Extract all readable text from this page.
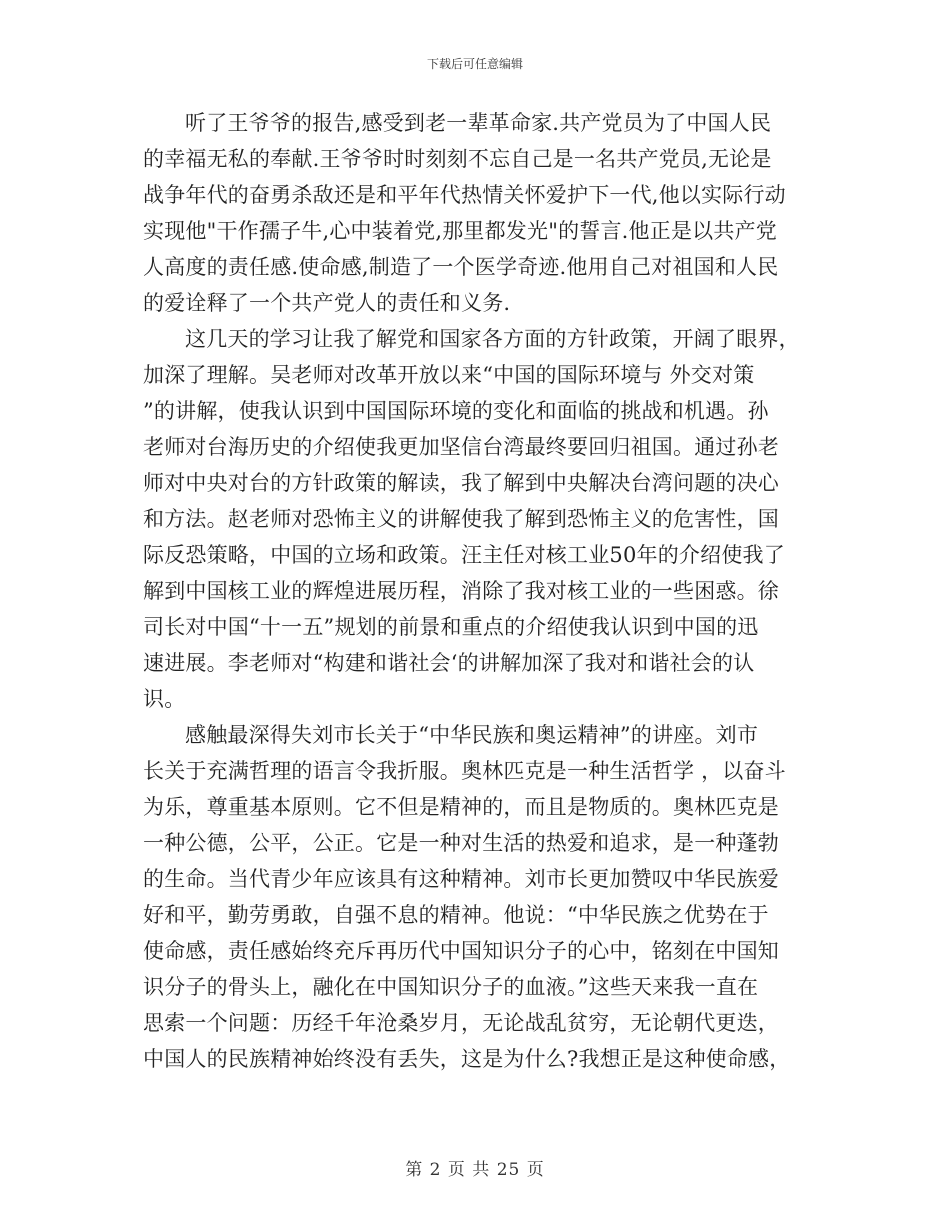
下载后可任意编辑
听了王爷爷的报告,感受到老一辈革命家.共产党员为了中国人民
的幸福无私的奉献.王爷爷时时刻刻不忘自己是一名共产党员,无论是
战争年代的奋勇杀敌还是和平年代热情关怀爱护下一代,他以实际行动
实现他"干作孺子牛,心中装着党,那里都发光"的誓言.他正是以共产党
人高度的责任感.使命感,制造了一个医学奇迹.他用自己对祖国和人民
的爱诠释了一个共产党人的责任和义务.
这几天的学习让我了解党和国家各方面的方针政策，开阔了眼界，
加深了理解。吴老师对改革开放以来“中国的国际环境与 外交对策
”的讲解，使我认识到中国国际环境的变化和面临的挑战和机遇。孙
老师对台海历史的介绍使我更加坚信台湾最终要回归祖国。通过孙老
师对中央对台的方针政策的解读，我了解到中央解决台湾问题的决心
和方法。赵老师对恐怖主义的讲解使我了解到恐怖主义的危害性，国
际反恐策略，中国的立场和政策。汪主任对核工业50年的介绍使我了
解到中国核工业的辉煌进展历程，消除了我对核工业的一些困惑。徐
司长对中国“十一五”规划的前景和重点的介绍使我认识到中国的迅
速进展。李老师对“构建和谐社会‘的讲解加深了我对和谐社会的认
识。
感触最深得失刘市长关于“中华民族和奥运精神”的讲座。刘市
长关于充满哲理的语言令我折服。奥林匹克是一种生活哲学 ，以奋斗
为乐，尊重基本原则。它不但是精神的，而且是物质的。奥林匹克是
一种公德，公平，公正。它是一种对生活的热爱和追求，是一种蓬勃
的生命。当代青少年应该具有这种精神。刘市长更加赞叹中华民族爱
好和平，勤劳勇敢，自强不息的精神。他说：“中华民族之优势在于
使命感，责任感始终充斥再历代中国知识分子的心中，铭刻在中国知
识分子的骨头上，融化在中国知识分子的血液。”这些天来我一直在
思索一个问题：历经千年沧桑岁月，无论战乱贫穷，无论朝代更迭，
中国人的民族精神始终没有丢失，这是为什么?我想正是这种使命感，
第 2 页 共 25 页
